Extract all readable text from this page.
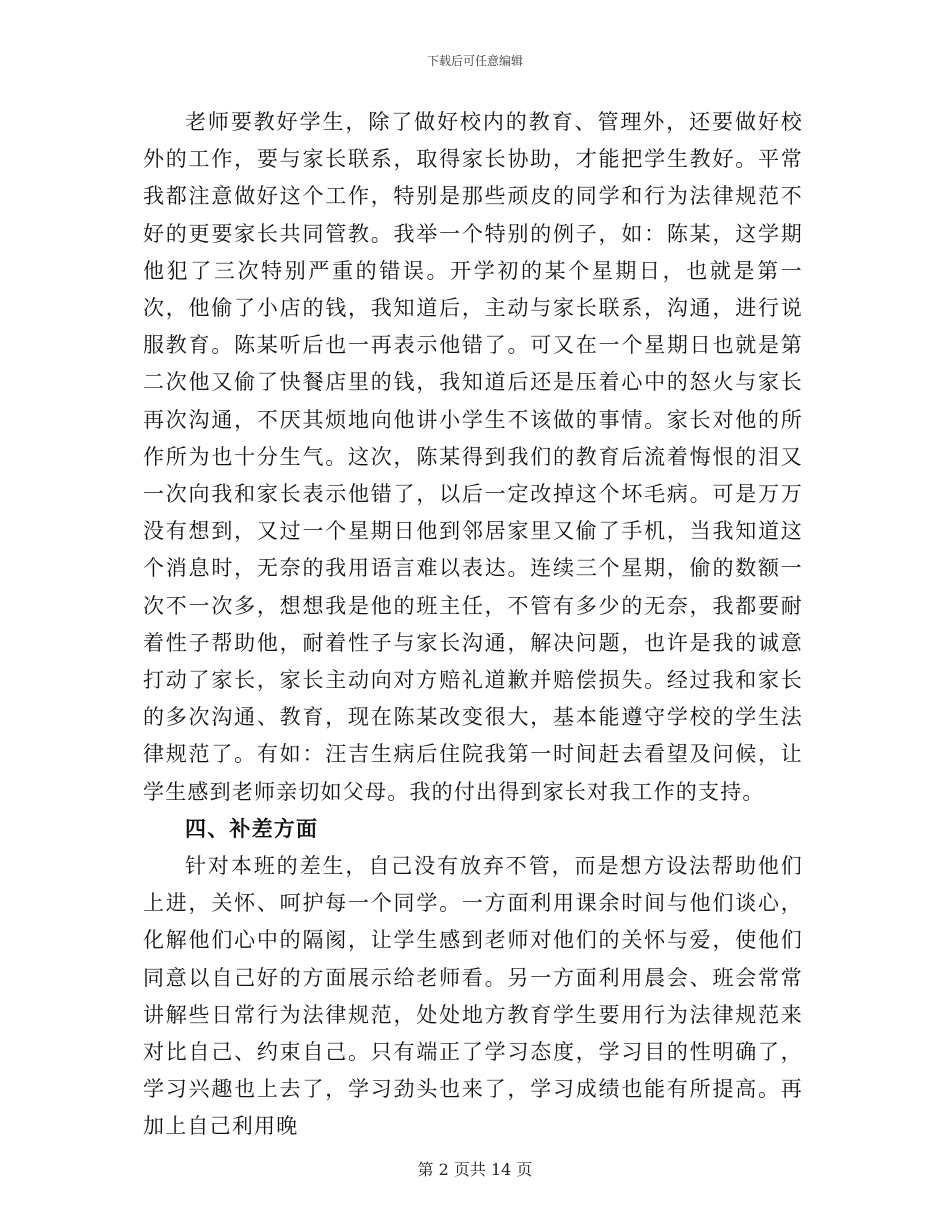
下载后可任意编辑

老师要教好学生，除了做好校内的教育、管理外，还要做好校外的工作，要与家长联系，取得家长协助，才能把学生教好。平常我都注意做好这个工作，特别是那些顽皮的同学和行为法律规范不好的更要家长共同管教。我举一个特别的例子，如：陈某，这学期他犯了三次特别严重的错误。开学初的某个星期日，也就是第一次，他偷了小店的钱，我知道后，主动与家长联系，沟通，进行说服教育。陈某听后也一再表示他错了。可又在一个星期日也就是第二次他又偷了快餐店里的钱，我知道后还是压着心中的怒火与家长再次沟通，不厌其烦地向他讲小学生不该做的事情。家长对他的所作所为也十分生气。这次，陈某得到我们的教育后流着悔恨的泪又一次向我和家长表示他错了，以后一定改掉这个坏毛病。可是万万没有想到，又过一个星期日他到邻居家里又偷了手机，当我知道这个消息时，无奈的我用语言难以表达。连续三个星期，偷的数额一次不一次多，想想我是他的班主任，不管有多少的无奈，我都要耐着性子帮助他，耐着性子与家长沟通，解决问题，也许是我的诚意打动了家长，家长主动向对方赔礼道歉并赔偿损失。经过我和家长的多次沟通、教育，现在陈某改变很大，基本能遵守学校的学生法律规范了。有如：汪吉生病后住院我第一时间赶去看望及问候，让学生感到老师亲切如父母。我的付出得到家长对我工作的支持。

四、补差方面

针对本班的差生，自己没有放弃不管，而是想方设法帮助他们上进，关怀、呵护每一个同学。一方面利用课余时间与他们谈心，化解他们心中的隔阂，让学生感到老师对他们的关怀与爱，使他们同意以自己好的方面展示给老师看。另一方面利用晨会、班会常常讲解些日常行为法律规范，处处地方教育学生要用行为法律规范来对比自己、约束自己。只有端正了学习态度，学习目的性明确了，学习兴趣也上去了，学习劲头也来了，学习成绩也能有所提高。再加上自己利用晚

第 2 页共 14 页
